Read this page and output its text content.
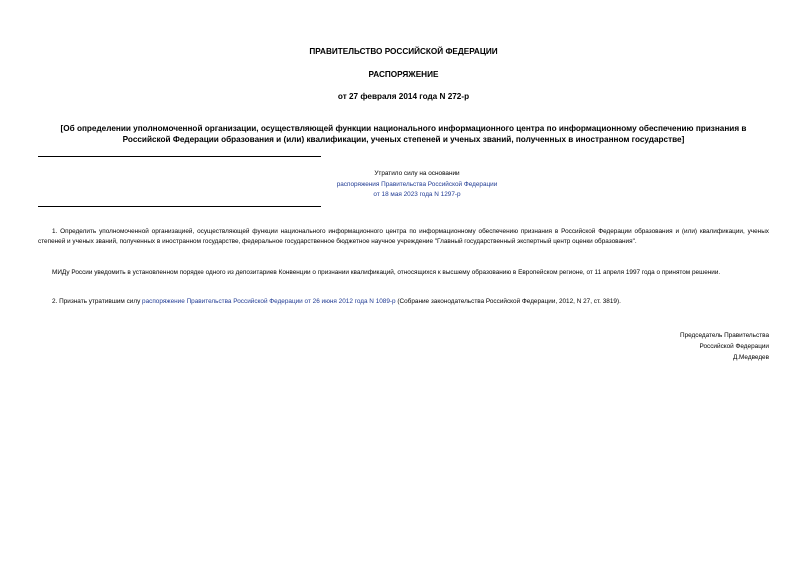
ПРАВИТЕЛЬСТВО РОССИЙСКОЙ ФЕДЕРАЦИИ
РАСПОРЯЖЕНИЕ
от 27 февраля 2014 года N 272-р
[Об определении уполномоченной организации, осуществляющей функции национального информационного центра по информационному обеспечению признания в Российской Федерации образования и (или) квалификации, ученых степеней и ученых званий, полученных в иностранном государстве]
Утратило силу на основании
распоряжения Правительства Российской Федерации
от 18 мая 2023 года N 1297-р
1. Определить уполномоченной организацией, осуществляющей функции национального информационного центра по информационному обеспечению признания в Российской Федерации образования и (или) квалификации, ученых степеней и ученых званий, полученных в иностранном государстве, федеральное государственное бюджетное научное учреждение "Главный государственный экспертный центр оценки образования".
МИДу России уведомить в установленном порядке одного из депозитариев Конвенции о признании квалификаций, относящихся к высшему образованию в Европейском регионе, от 11 апреля 1997 года о принятом решении.
2. Признать утратившим силу распоряжение Правительства Российской Федерации от 26 июня 2012 года N 1089-р (Собрание законодательства Российской Федерации, 2012, N 27, ст. 3819).
Председатель Правительства
Российской Федерации
Д.Медведев
